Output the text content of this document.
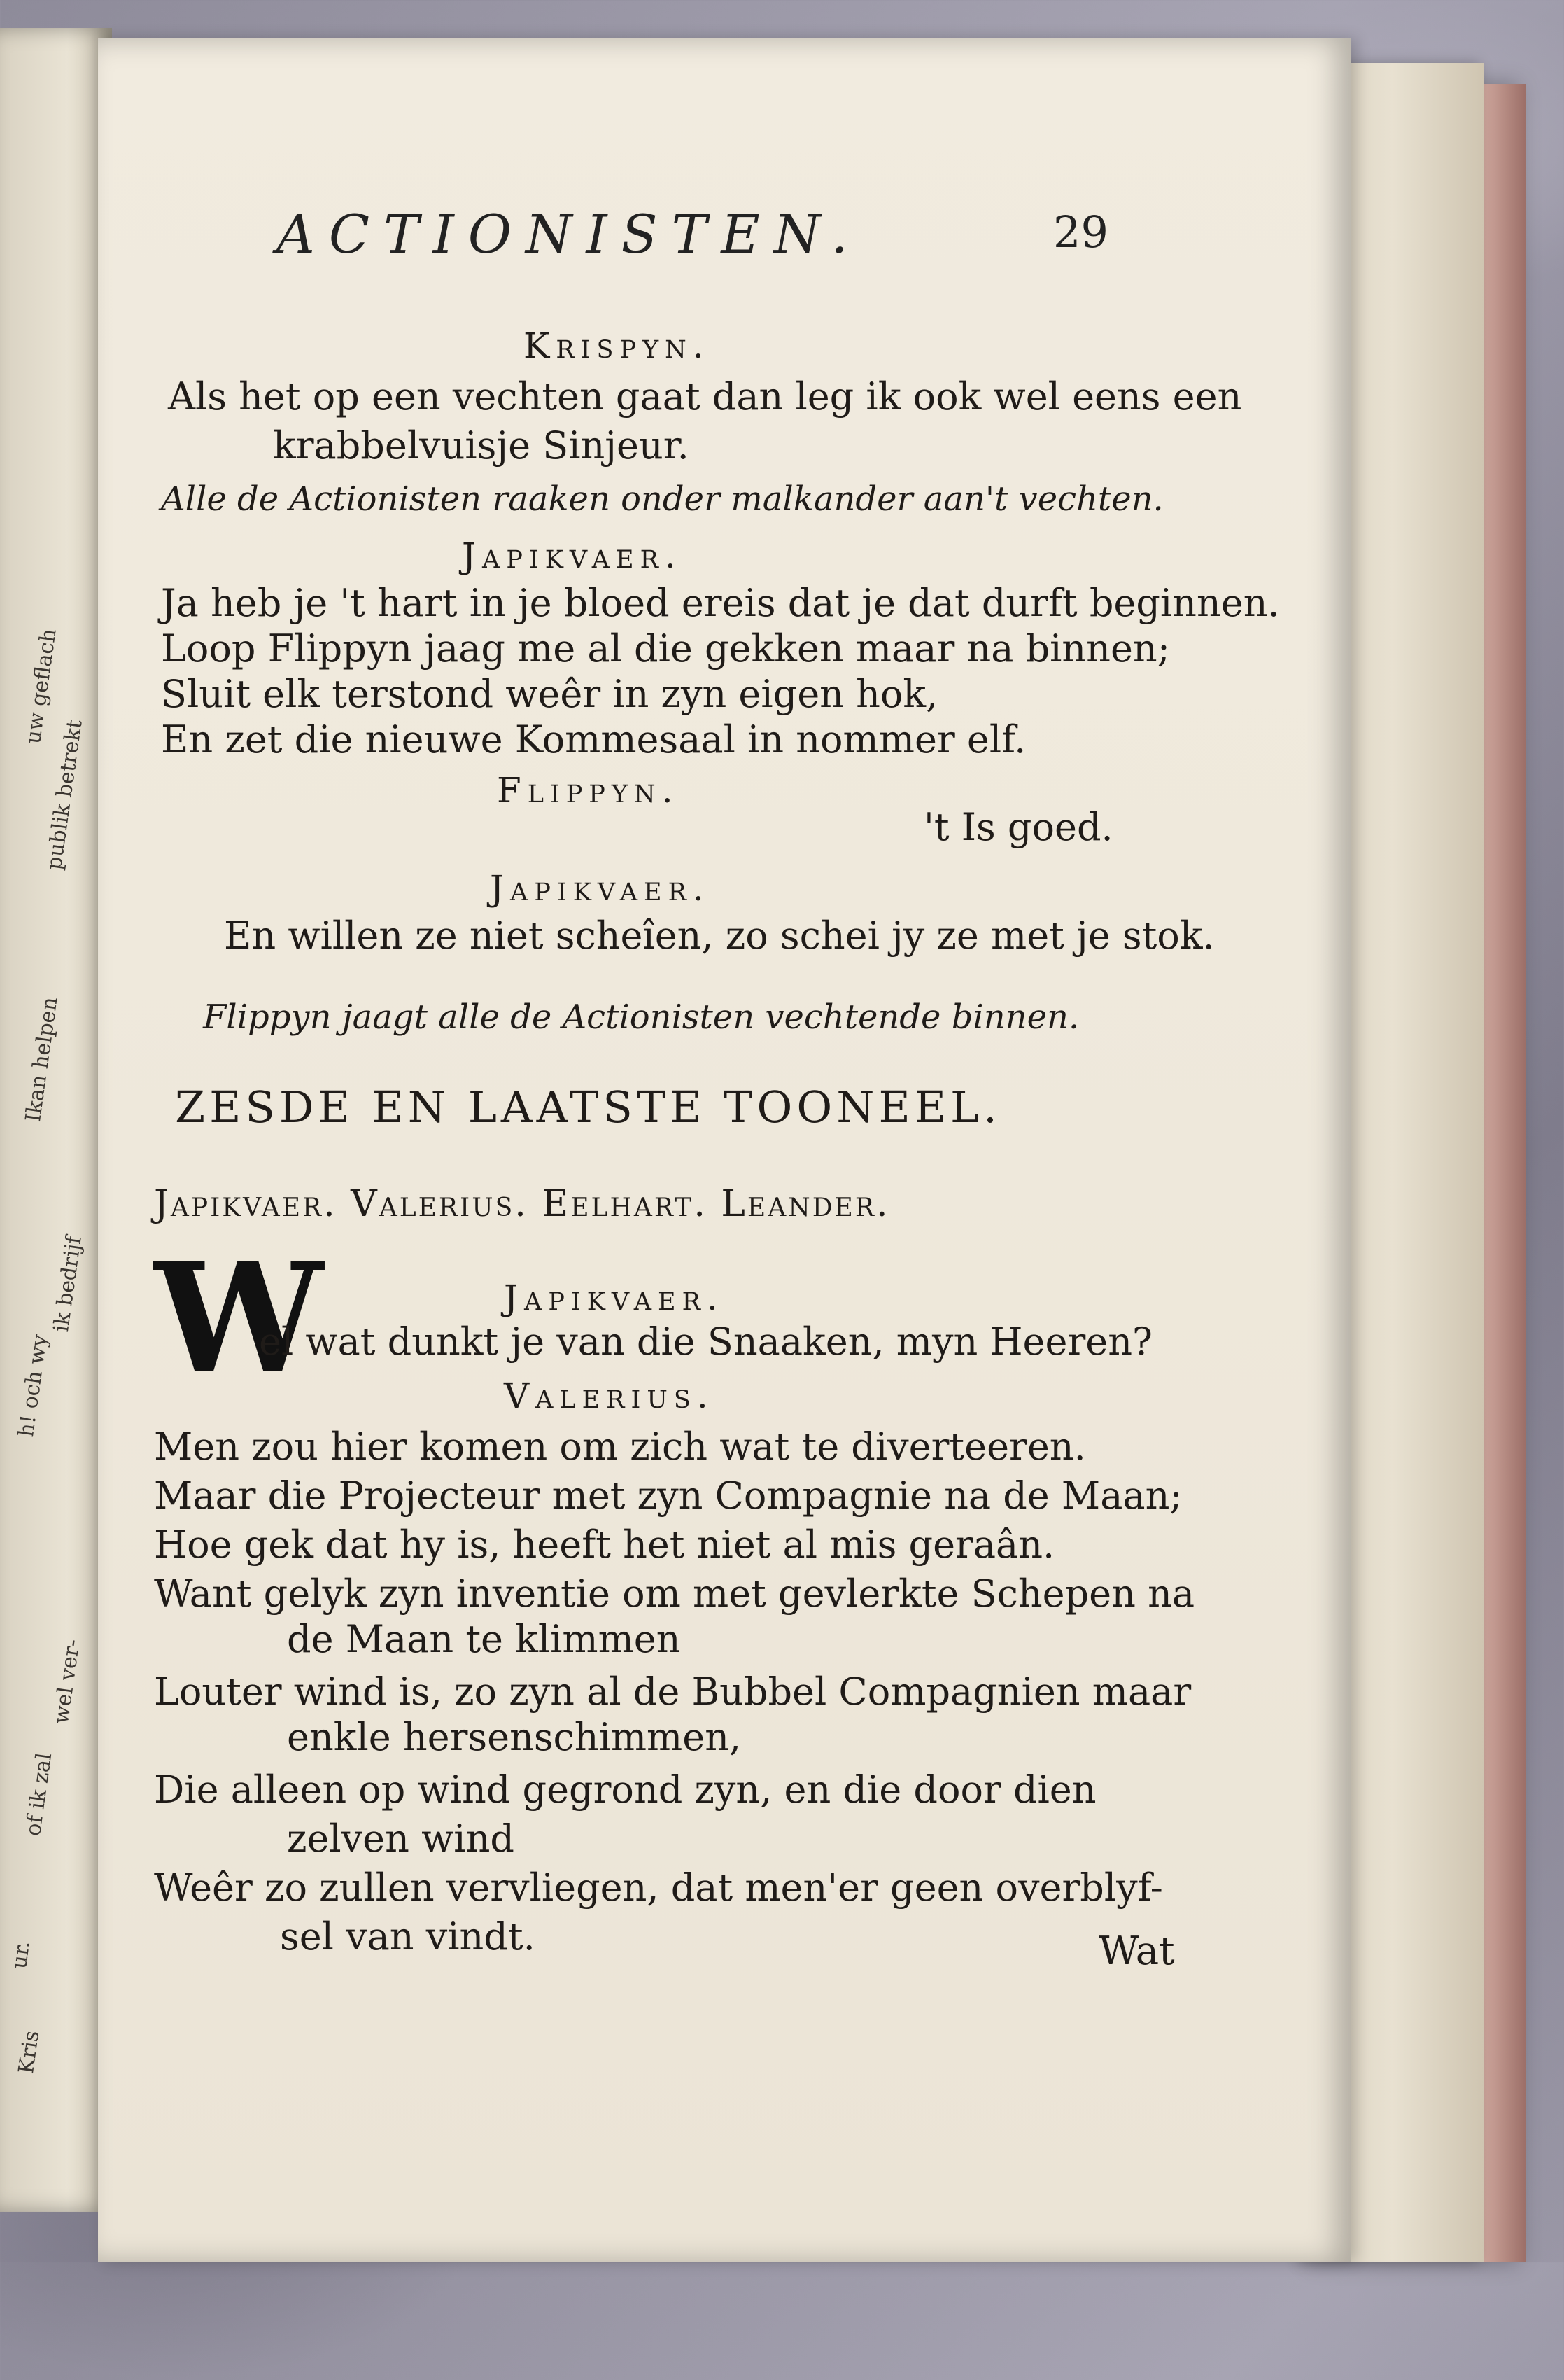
uw geflach
publik betrekt
Ikan helpen
ik bedrijf
h! och wy
wel ver-
of ik zal
ur.
Kris
ACTIONISTEN.	29
Krispyn.
Als het op een vechten gaat dan leg ik ook wel eens een
krabbelvuisje Sinjeur.
Alle de Actionisten raaken onder malkander aan't vechten.
Japikvaer.
Ja heb je 't hart in je bloed ereis dat je dat durft beginnen.
Loop Flippyn jaag me al die gekken maar na binnen;
Sluit elk terstond weêr in zyn eigen hok,
En zet die nieuwe Kommesaal in nommer elf.
Flippyn.
't Is goed.
Japikvaer.
En willen ze niet scheîen, zo schei jy ze met je stok.
Flippyn jaagt alle de Actionisten vechtende binnen.
ZESDE EN LAATSTE TOONEEL.
Japikvaer. Valerius. Eelhart. Leander.
W	Japikvaer.
el wat dunkt je van die Snaaken, myn Heeren?
Valerius.
Men zou hier komen om zich wat te diverteeren.
Maar die Projecteur met zyn Compagnie na de Maan;
Hoe gek dat hy is, heeft het niet al mis geraân.
Want gelyk zyn inventie om met gevlerkte Schepen na
de Maan te klimmen
Louter wind is, zo zyn al de Bubbel Compagnien maar
enkle hersenschimmen,
Die alleen op wind gegrond zyn, en die door dien
zelven wind
Weêr zo zullen vervliegen, dat men'er geen overblyf-
sel van vindt.	Wat
